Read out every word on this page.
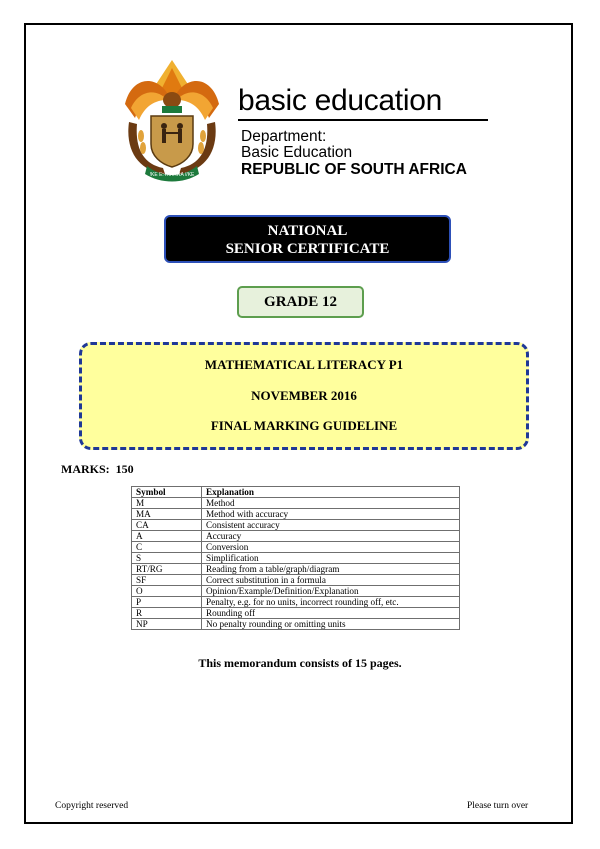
!KE E: /XARRA //KE
basic education
Department:
Basic Education
REPUBLIC OF SOUTH AFRICA
NATIONAL
SENIOR CERTIFICATE
GRADE 12
MATHEMATICAL LITERACY P1
NOVEMBER 2016
FINAL MARKING GUIDELINE
MARKS: 150
Symbol	Explanation
M	Method
MA	Method with accuracy
CA	Consistent accuracy
A	Accuracy
C	Conversion
S	Simplification
RT/RG	Reading from a table/graph/diagram
SF	Correct substitution in a formula
O	Opinion/Example/Definition/Explanation
P	Penalty, e.g. for no units, incorrect rounding off, etc.
R	Rounding off
NP	No penalty rounding or omitting units
This memorandum consists of 15 pages.
Copyright reserved	Please turn over
